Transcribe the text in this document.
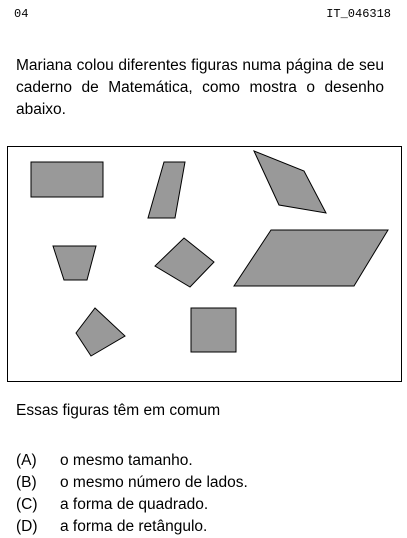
04	IT_046318

Mariana colou diferentes figuras numa página de seu caderno de Matemática, como mostra o desenho abaixo.

Essas figuras têm em comum
(A) o mesmo tamanho.
(B) o mesmo número de lados.
(C) a forma de quadrado.
(D) a forma de retângulo.
